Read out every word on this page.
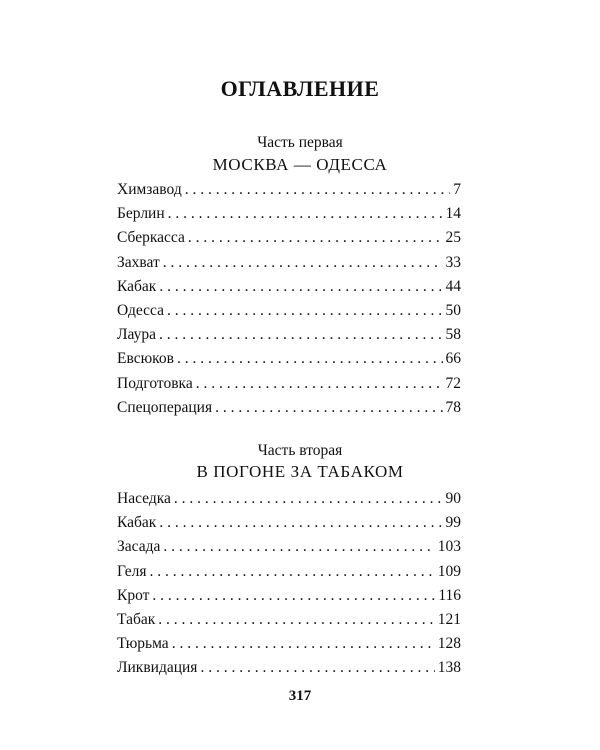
ОГЛАВЛЕНИЕ
Часть первая
МОСКВА — ОДЕССА
Химзавод . . .	7
Берлин . . .	14
Сберкасса . . .	25
Захват . . .	33
Кабак . . .	44
Одесса . . .	50
Лаура . . .	58
Евсюков . . .	66
Подготовка . . .	72
Спецоперация . . .	78
Часть вторая
В ПОГОНЕ ЗА ТАБАКОМ
Наседка . . .	90
Кабак . . .	99
Засада . . .	103
Геля . . .	109
Крот . . .	116
Табак . . .	121
Тюрьма . . .	128
Ликвидация . . .	138
317
